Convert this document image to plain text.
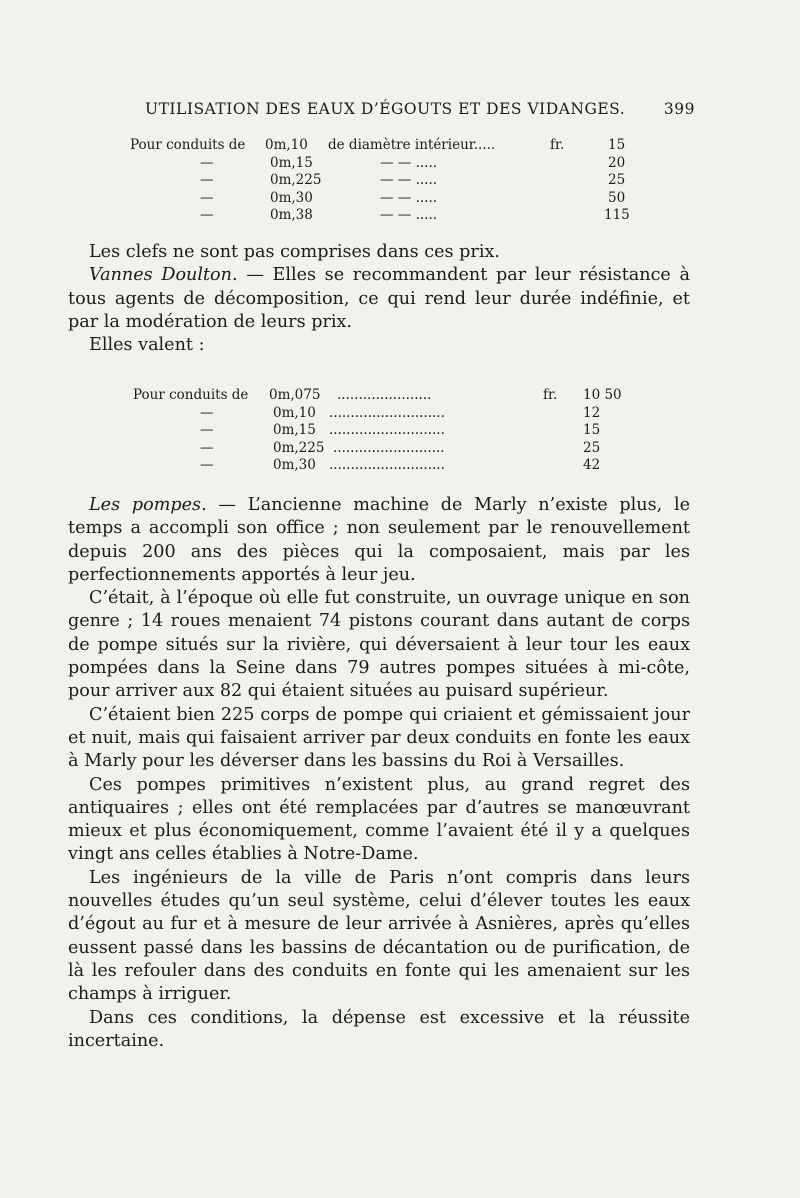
UTILISATION DES EAUX D’ÉGOUTS ET DES VIDANGES.	399
Pour conduits de 0m,10 de diamètre intérieur.....	fr.	15
—	0m,15	— — .....	20
—	0m,225	— — .....	25
—	0m,30	— — .....	50
—	0m,38	— — .....	115

Les clefs ne sont pas comprises dans ces prix.

Vannes Doulton. — Elles se recommandent par leur résistance à tous agents de décomposition, ce qui rend leur durée indéfinie, et par la modération de leurs prix.

Elles valent :

Pour conduits de 0m,075 ......................	fr. 10 50
—	0m,10 ...........................	12
—	0m,15 ...........................	15
—	0m,225 ..........................	25
—	0m,30 ...........................	42

Les pompes. — L’ancienne machine de Marly n’existe plus, le temps a accompli son office ; non seulement par le renouvellement depuis 200 ans des pièces qui la composaient, mais par les perfectionnements apportés à leur jeu.

C’était, à l’époque où elle fut construite, un ouvrage unique en son genre ; 14 roues menaient 74 pistons courant dans autant de corps de pompe situés sur la rivière, qui déversaient à leur tour les eaux pompées dans la Seine dans 79 autres pompes situées à mi-côte, pour arriver aux 82 qui étaient situées au puisard supérieur.

C’étaient bien 225 corps de pompe qui criaient et gémissaient jour et nuit, mais qui faisaient arriver par deux conduits en fonte les eaux à Marly pour les déverser dans les bassins du Roi à Versailles.

Ces pompes primitives n’existent plus, au grand regret des antiquaires ; elles ont été remplacées par d’autres se manœuvrant mieux et plus économiquement, comme l’avaient été il y a quelques vingt ans celles établies à Notre-Dame.

Les ingénieurs de la ville de Paris n’ont compris dans leurs nouvelles études qu’un seul système, celui d’élever toutes les eaux d’égout au fur et à mesure de leur arrivée à Asnières, après qu’elles eussent passé dans les bassins de décantation ou de purification, de là les refouler dans des conduits en fonte qui les amenaient sur les champs à irriguer.

Dans ces conditions, la dépense est excessive et la réussite incertaine.
